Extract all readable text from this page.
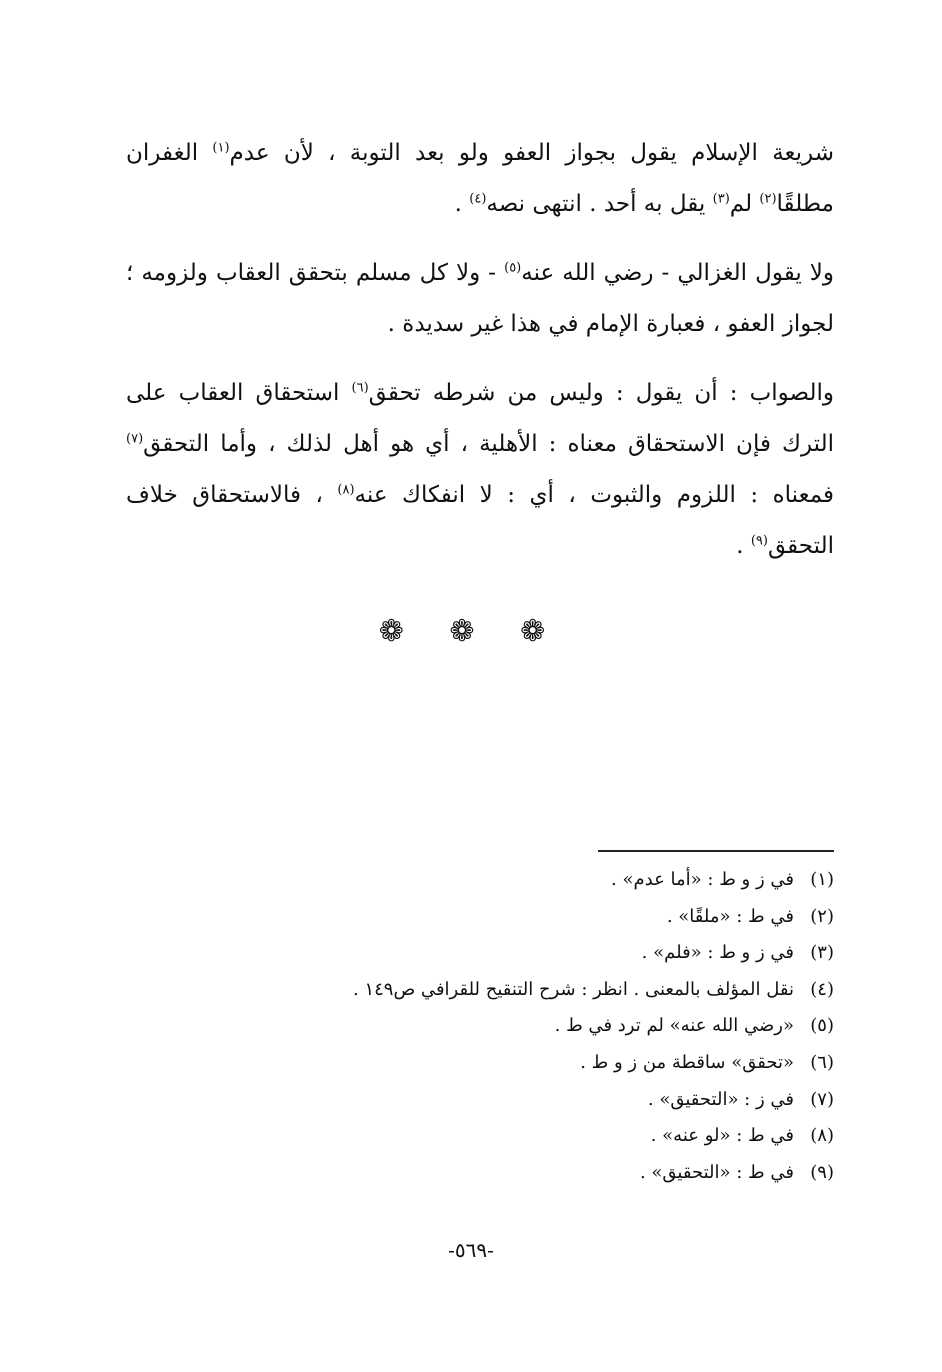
شريعة الإسلام يقول بجواز العفو ولو بعد التوبة ، لأن عدم$^{(١)}$ الغفران مطلقًا$^{(٢)}$ لم$^{(٣)}$ يقل به أحد . انتهى نصه$^{(٤)}$ .

ولا يقول الغزالي - رضي الله عنه$^{(٥)}$ - ولا كل مسلم بتحقق العقاب ولزومه ؛ لجواز العفو ، فعبارة الإمام في هذا غير سديدة .

والصواب : أن يقول : وليس من شرطه تحقق$^{(٦)}$ استحقاق العقاب على الترك فإن الاستحقاق معناه : الأهلية ، أي هو أهل لذلك ، وأما التحقق$^{(٧)}$ فمعناه : اللزوم والثبوت ، أي : لا انفكاك عنه$^{(٨)}$ ، فالاستحقاق خلاف التحقق$^{(٩)}$ .

❁ ❁ ❁
(١)في ز و ط : «أما عدم» .
(٢)في ط : «ملقًا» .
(٣)في ز و ط : «فلم» .
(٤)نقل المؤلف بالمعنى . انظر : شرح التنقيح للقرافي ص١٤٩ .
(٥)«رضي الله عنه» لم ترد في ط .
(٦)«تحقق» ساقطة من ز و ط .
(٧)في ز : «التحقيق» .
(٨)في ط : «لو عنه» .
(٩)في ط : «التحقيق» .
-٥٦٩-
